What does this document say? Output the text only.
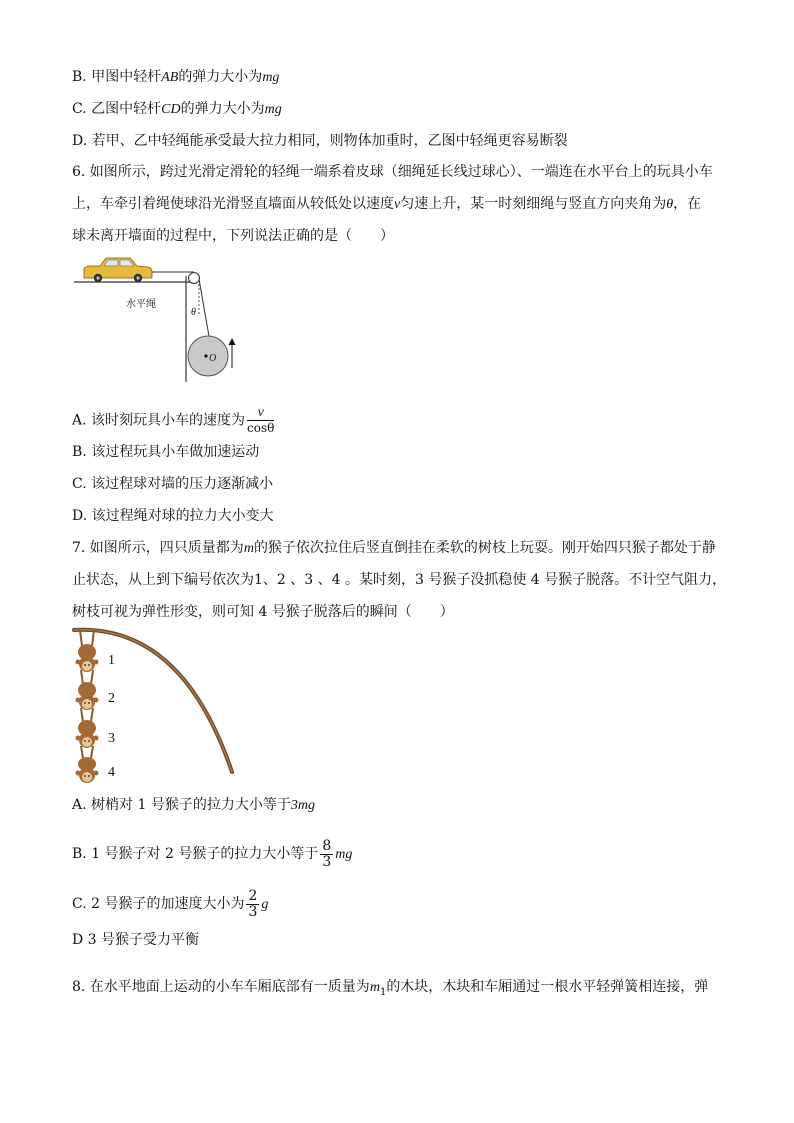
B. 甲图中轻杆AB的弹力大小为mg
C. 乙图中轻杆CD的弹力大小为mg
D. 若甲、乙中轻绳能承受最大拉力相同，则物体加重时，乙图中轻绳更容易断裂
6. 如图所示，跨过光滑定滑轮的轻绳一端系着皮球（细绳延长线过球心）、一端连在水平台上的玩具小车
上，车牵引着绳使球沿光滑竖直墙面从较低处以速度v匀速上升，某一时刻细绳与竖直方向夹角为θ，在
球未离开墙面的过程中，下列说法正确的是（　　）
水平绳
θ
O
A. 该时刻玩具小车的速度为 $\frac{v}{\cos\theta}$
B. 该过程玩具小车做加速运动
C. 该过程球对墙的压力逐渐减小
D. 该过程绳对球的拉力大小变大
7. 如图所示，四只质量都为m的猴子依次拉住后竖直倒挂在柔软的树枝上玩耍。刚开始四只猴子都处于静
止状态，从上到下编号依次为1、2 、3 、4 。某时刻，3 号猴子没抓稳使 4 号猴子脱落。不计空气阻力，
树枝可视为弹性形变，则可知 4 号猴子脱落后的瞬间（　　）
1
2
3
4
A. 树梢对 1 号猴子的拉力大小等于3mg
B. 1 号猴子对 2 号猴子的拉力大小等于 $\frac{8}{3}$ mg
C. 2 号猴子的加速度大小为 $\frac{2}{3}$ g
D 3 号猴子受力平衡
8. 在水平地面上运动的小车车厢底部有一质量为$m_1$的木块，木块和车厢通过一根水平轻弹簧相连接，弹
